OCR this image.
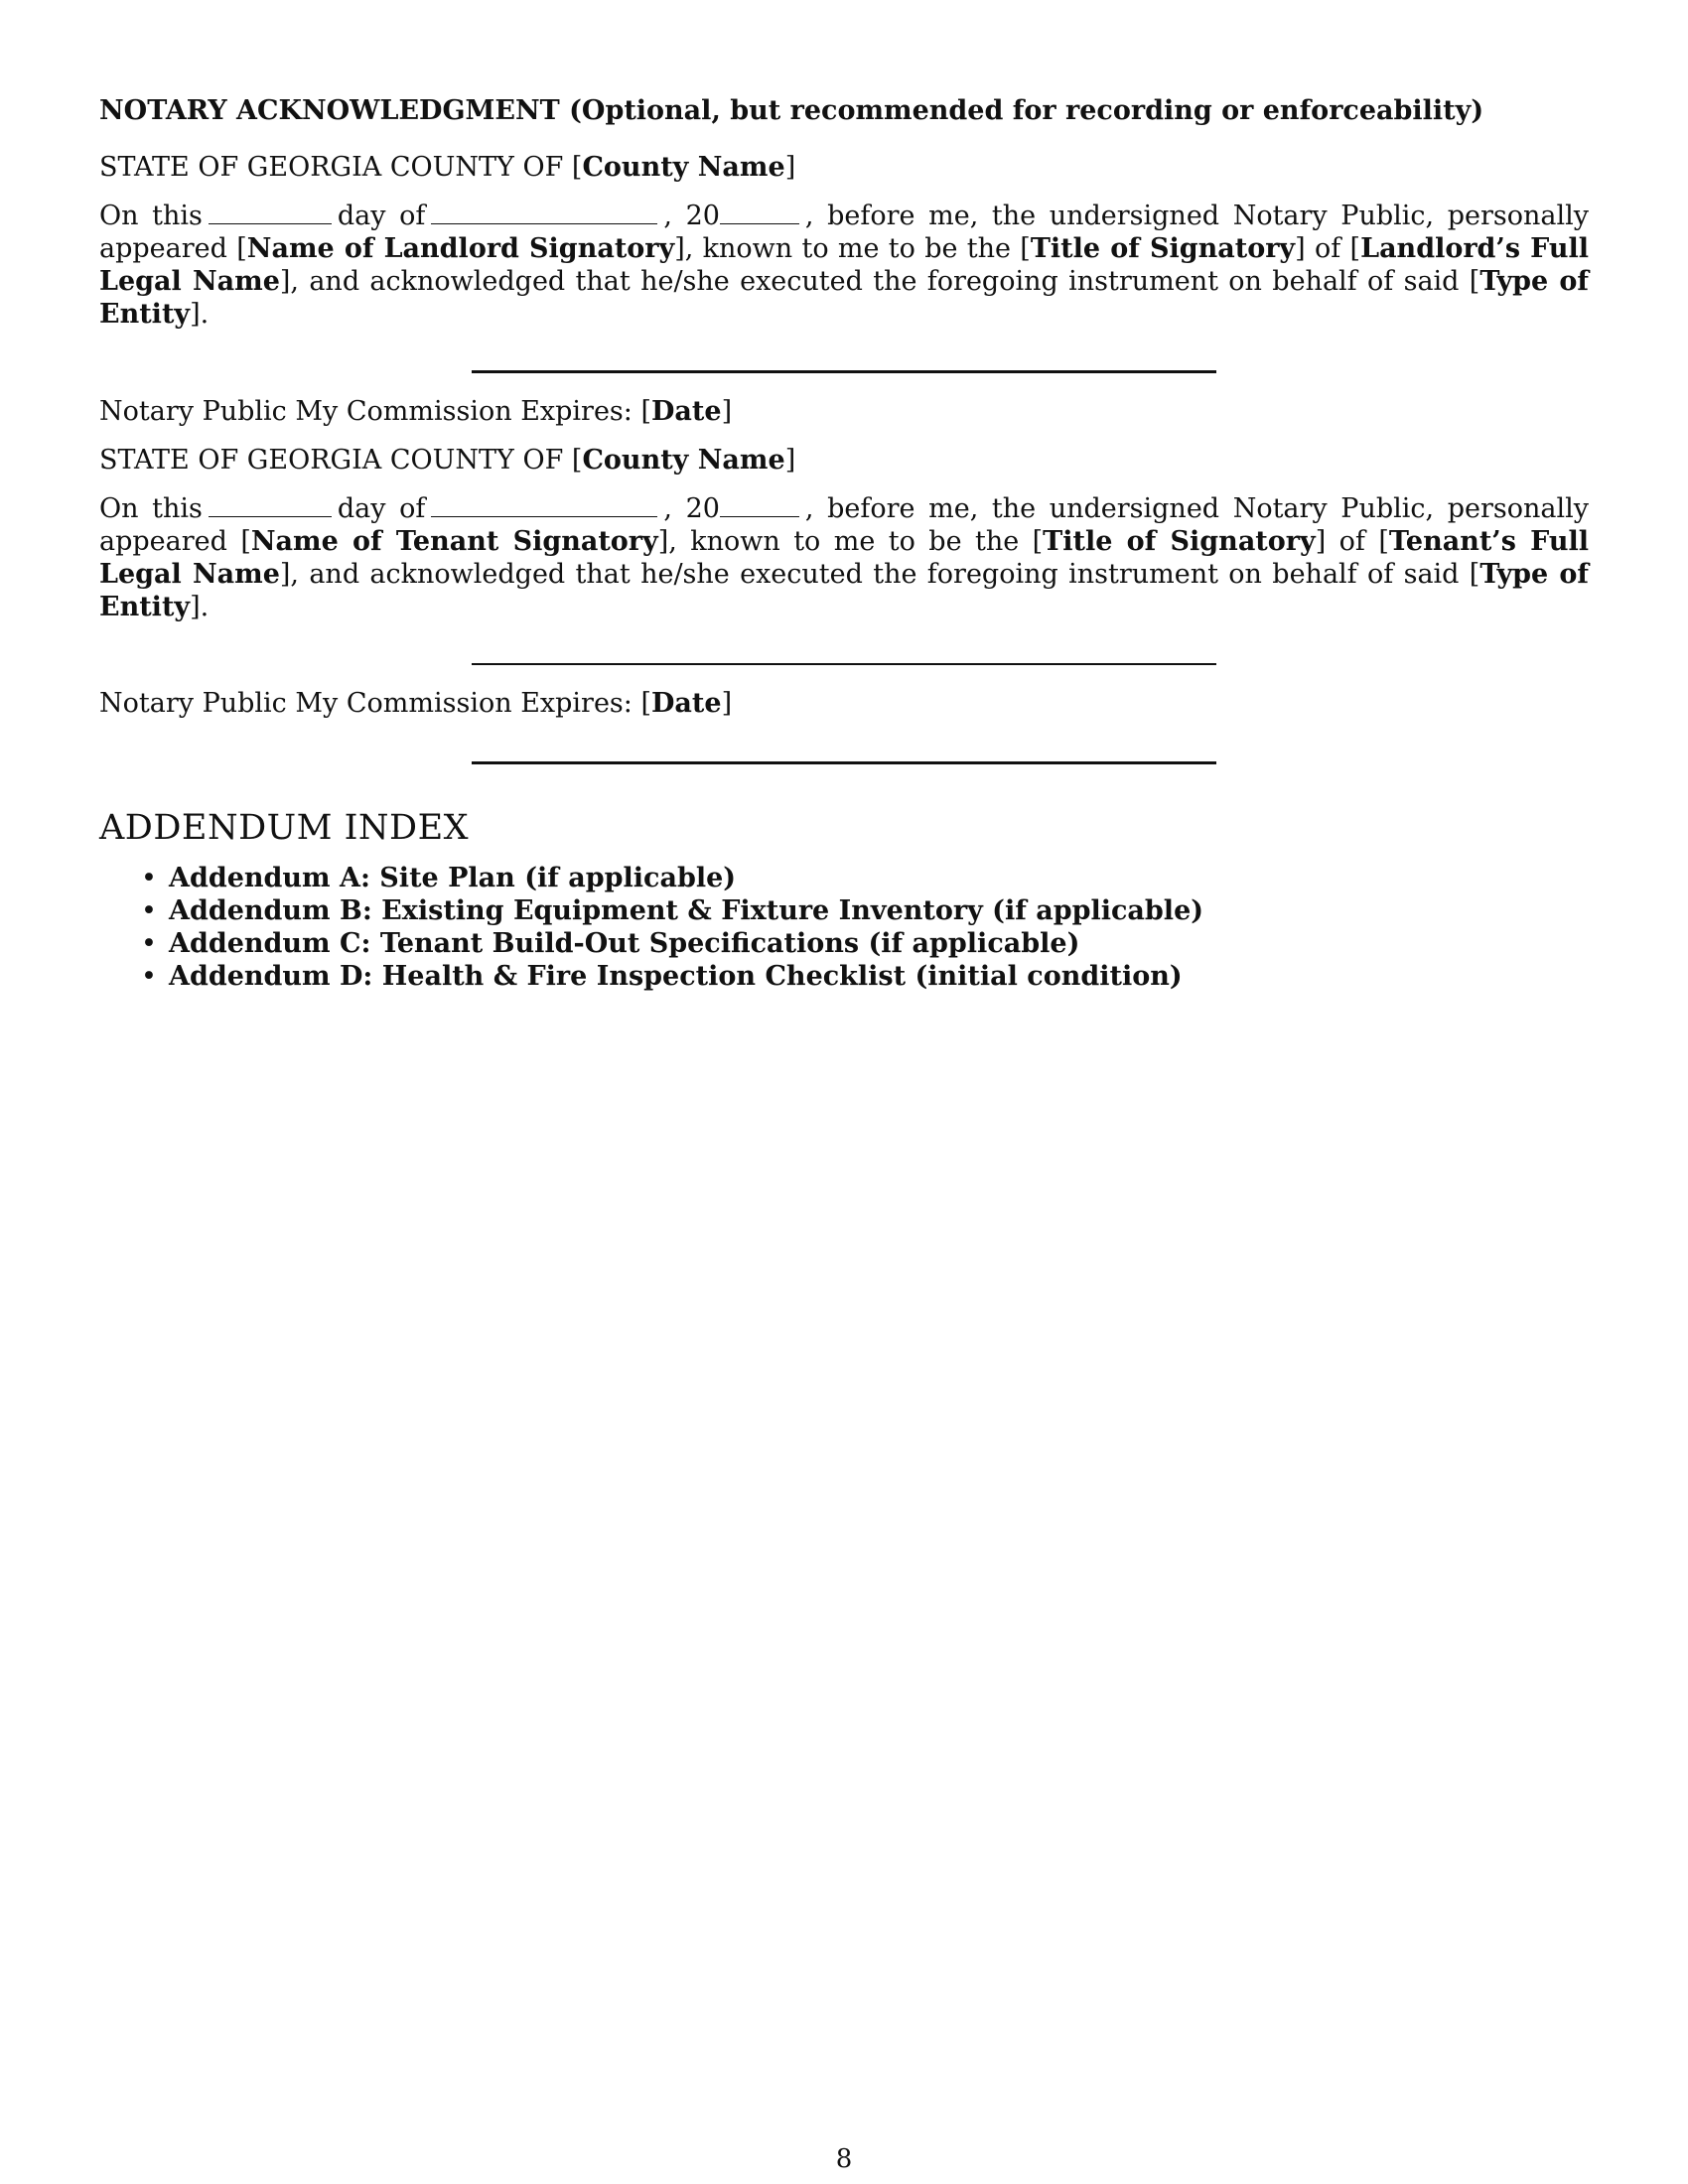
NOTARY ACKNOWLEDGMENT (Optional, but recommended for recording or enforceability)
STATE OF GEORGIA COUNTY OF [County Name]
On this	day of	, 20	, before me, the undersigned Notary Public, personally appeared [Name of Landlord Signatory], known to me to be the [Title of Signatory] of [Landlord’s Full Legal Name], and acknowledged that he/she executed the foregoing instrument on behalf of said [Type of Entity].
Notary Public My Commission Expires: [Date]
STATE OF GEORGIA COUNTY OF [County Name]
On this	day of	, 20	, before me, the undersigned Notary Public, personally appeared [Name of Tenant Signatory], known to me to be the [Title of Signatory] of [Tenant’s Full Legal Name], and acknowledged that he/she executed the foregoing instrument on behalf of said [Type of Entity].
Notary Public My Commission Expires: [Date]
ADDENDUM INDEX
• Addendum A: Site Plan (if applicable)
• Addendum B: Existing Equipment & Fixture Inventory (if applicable)
• Addendum C: Tenant Build-Out Specifications (if applicable)
• Addendum D: Health & Fire Inspection Checklist (initial condition)
8
